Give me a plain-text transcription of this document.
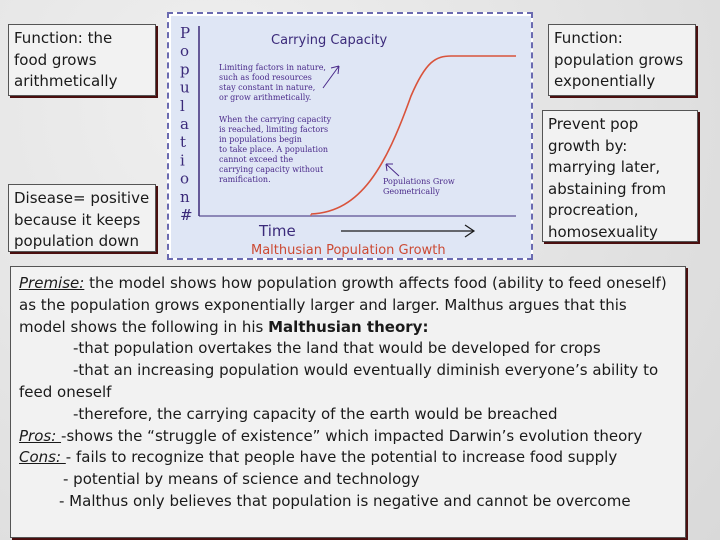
Function: the food grows arithmetically
Disease= positive because it keeps population down
Function: population grows exponentially
Prevent pop growth by: marrying later, abstaining from procreation, homosexuality
P
o
p
u
l
a
t
i
o
n
#
Carrying Capacity
Limiting factors in nature,
such as food resources
stay constant in nature,
or grow arithmetically.
When the carrying capacity
is reached, limiting factors
in populations begin
to take place. A population
cannot exceed the
carrying capacity without
ramification.	Populations Grow
Geometrically
Time
Malthusian Population Growth

Premise: the model shows how population growth affects food (ability to feed oneself) as the population grows exponentially larger and larger. Malthus argues that this model shows the following in his Malthusian theory:

-that population overtakes the land that would be developed for crops

-that an increasing population would eventually diminish everyone’s ability to

feed oneself

-therefore, the carrying capacity of the earth would be breached

Pros: -shows the “struggle of existence” which impacted Darwin’s evolution theory

Cons: - fails to recognize that people have the potential to increase food supply

- potential by means of science and technology

- Malthus only believes that population is negative and cannot be overcome
